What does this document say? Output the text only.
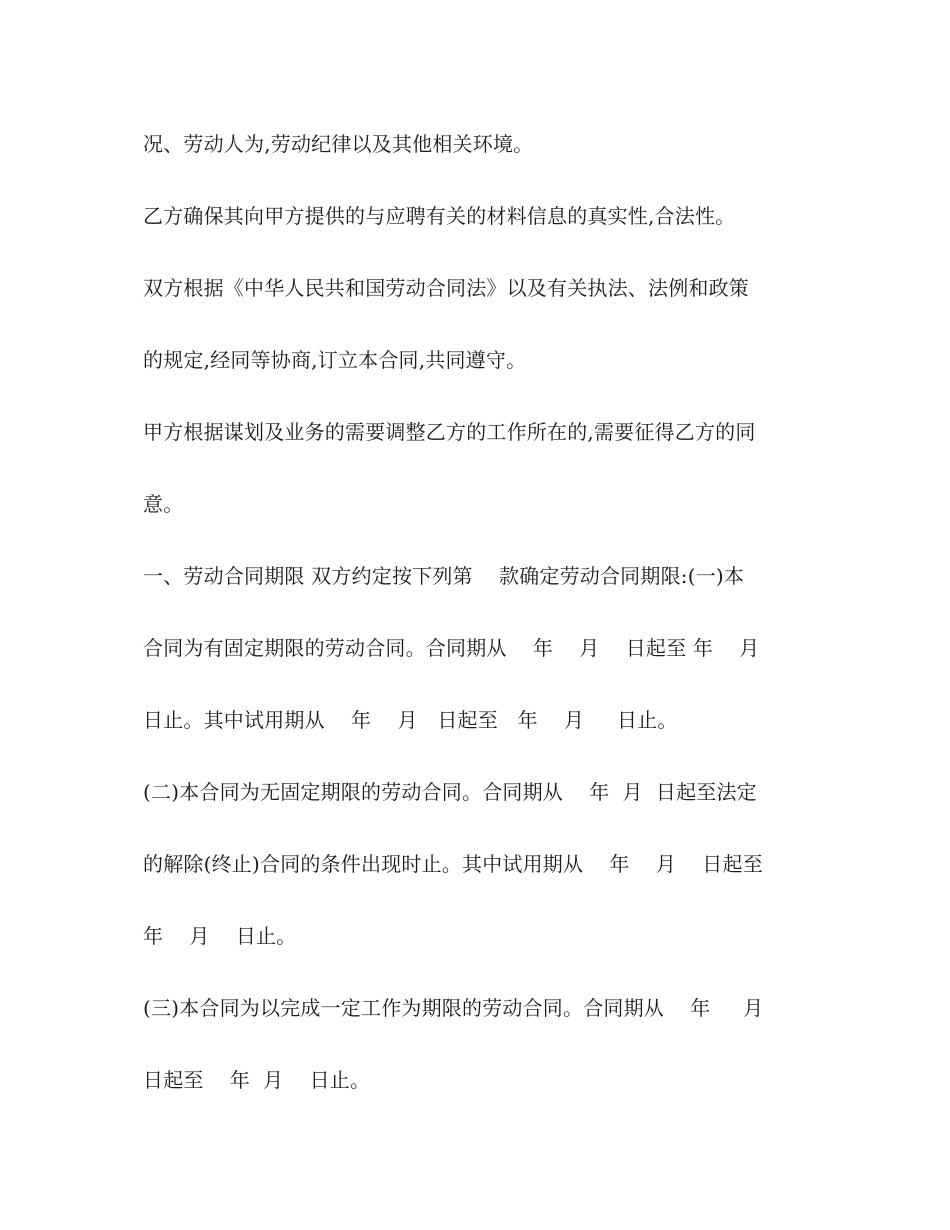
况、劳动人为,劳动纪律以及其他相关环境。

乙方确保其向甲方提供的与应聘有关的材料信息的真实性,合法性。

双方根据《中华人民共和国劳动合同法》以及有关执法、法例和政策

的规定,经同等协商,订立本合同,共同遵守。

甲方根据谋划及业务的需要调整乙方的工作所在的,需要征得乙方的同

意。

一、劳动合同期限 双方约定按下列第    款确定劳动合同期限:(一)本

合同为有固定期限的劳动合同。合同期从    年    月    日起至 年    月

日止。其中试用期从    年    月   日起至   年    月     日止。

(二)本合同为无固定期限的劳动合同。合同期从    年  月  日起至法定

的解除(终止)合同的条件出现时止。其中试用期从    年    月    日起至

年    月    日止。

(三)本合同为以完成一定工作为期限的劳动合同。合同期从    年     月

日起至    年  月    日止。
